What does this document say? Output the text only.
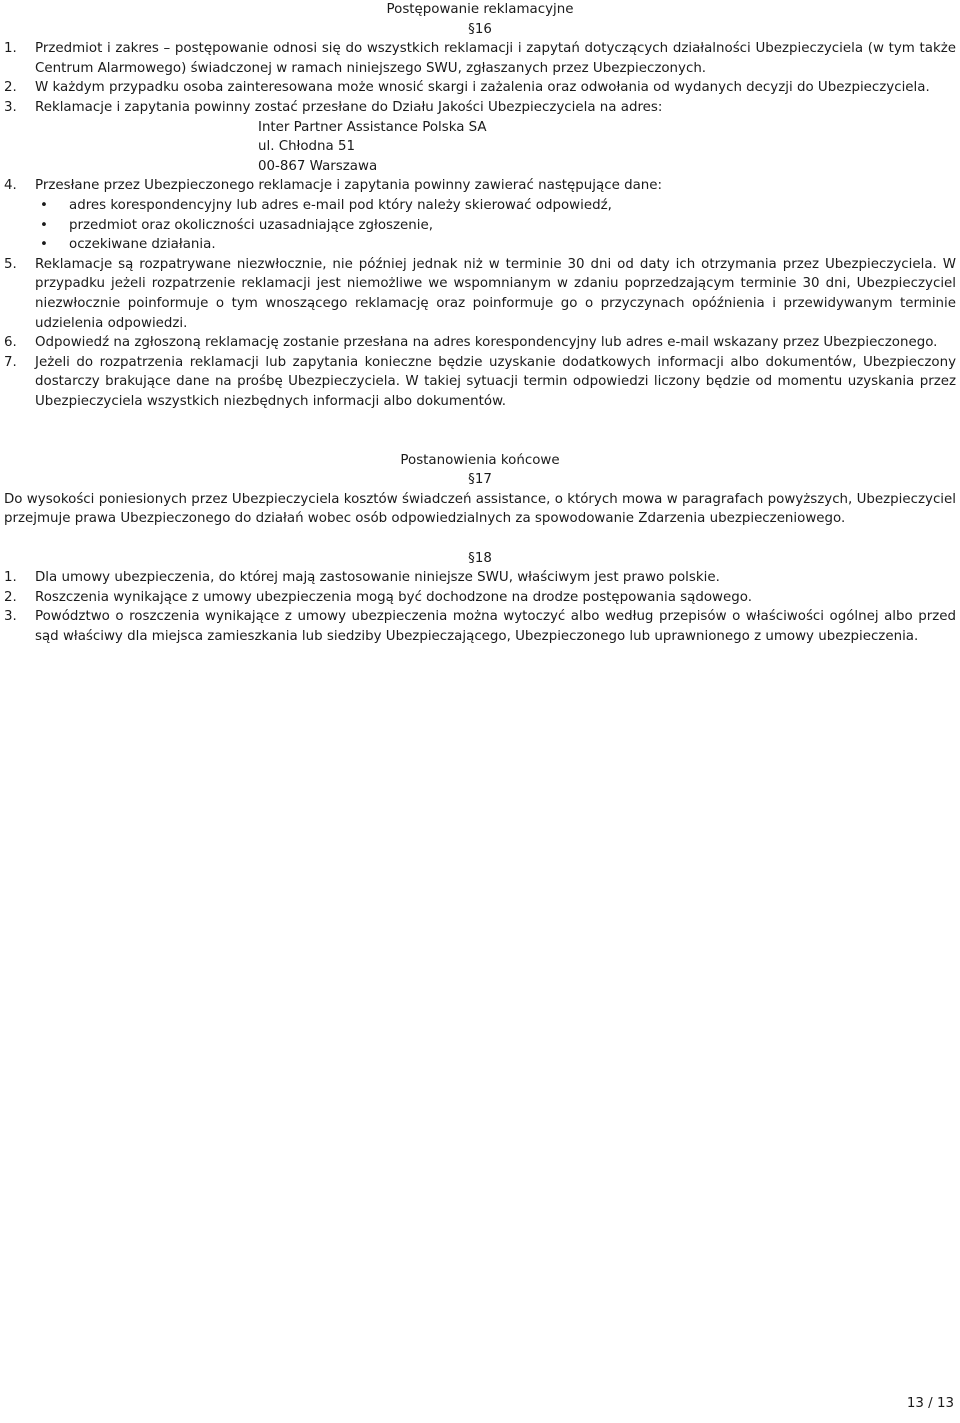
Postępowanie reklamacyjne
§16
1. Przedmiot i zakres – postępowanie odnosi się do wszystkich reklamacji i zapytań dotyczących działalności Ubezpieczyciela (w tym także Centrum Alarmowego) świadczonej w ramach niniejszego SWU, zgłaszanych przez Ubezpieczonych.
2. W każdym przypadku osoba zainteresowana może wnosić skargi i zażalenia oraz odwołania od wydanych decyzji do Ubezpieczyciela.
3. Reklamacje i zapytania powinny zostać przesłane do Działu Jakości Ubezpieczyciela na adres:
Inter Partner Assistance Polska SA
ul. Chłodna 51
00-867 Warszawa
4. Przesłane przez Ubezpieczonego reklamacje i zapytania powinny zawierać następujące dane:
• adres korespondencyjny lub adres e-mail pod który należy skierować odpowiedź,
• przedmiot oraz okoliczności uzasadniające zgłoszenie,
• oczekiwane działania.
5. Reklamacje są rozpatrywane niezwłocznie, nie później jednak niż w terminie 30 dni od daty ich otrzymania przez Ubezpieczyciela. W przypadku jeżeli rozpatrzenie reklamacji jest niemożliwe we wspomnianym w zdaniu poprzedzającym terminie 30 dni, Ubezpieczyciel niezwłocznie poinformuje o tym wnoszącego reklamację oraz poinformuje go o przyczynach opóźnienia i przewidywanym terminie udzielenia odpowiedzi.
6. Odpowiedź na zgłoszoną reklamację zostanie przesłana na adres korespondencyjny lub adres e-mail wskazany przez Ubezpieczonego.
7. Jeżeli do rozpatrzenia reklamacji lub zapytania konieczne będzie uzyskanie dodatkowych informacji albo dokumentów, Ubezpieczony dostarczy brakujące dane na prośbę Ubezpieczyciela. W takiej sytuacji termin odpowiedzi liczony będzie od momentu uzyskania przez Ubezpieczyciela wszystkich niezbędnych informacji albo dokumentów.
Postanowienia końcowe
§17
Do wysokości poniesionych przez Ubezpieczyciela kosztów świadczeń assistance, o których mowa w paragrafach powyższych, Ubezpieczyciel przejmuje prawa Ubezpieczonego do działań wobec osób odpowiedzialnych za spowodowanie Zdarzenia ubezpieczeniowego.
§18
1. Dla umowy ubezpieczenia, do której mają zastosowanie niniejsze SWU, właściwym jest prawo polskie.
2. Roszczenia wynikające z umowy ubezpieczenia mogą być dochodzone na drodze postępowania sądowego.
3. Powództwo o roszczenia wynikające z umowy ubezpieczenia można wytoczyć albo według przepisów o właściwości ogólnej albo przed sąd właściwy dla miejsca zamieszkania lub siedziby Ubezpieczającego, Ubezpieczonego lub uprawnionego z umowy ubezpieczenia.
13 / 13
